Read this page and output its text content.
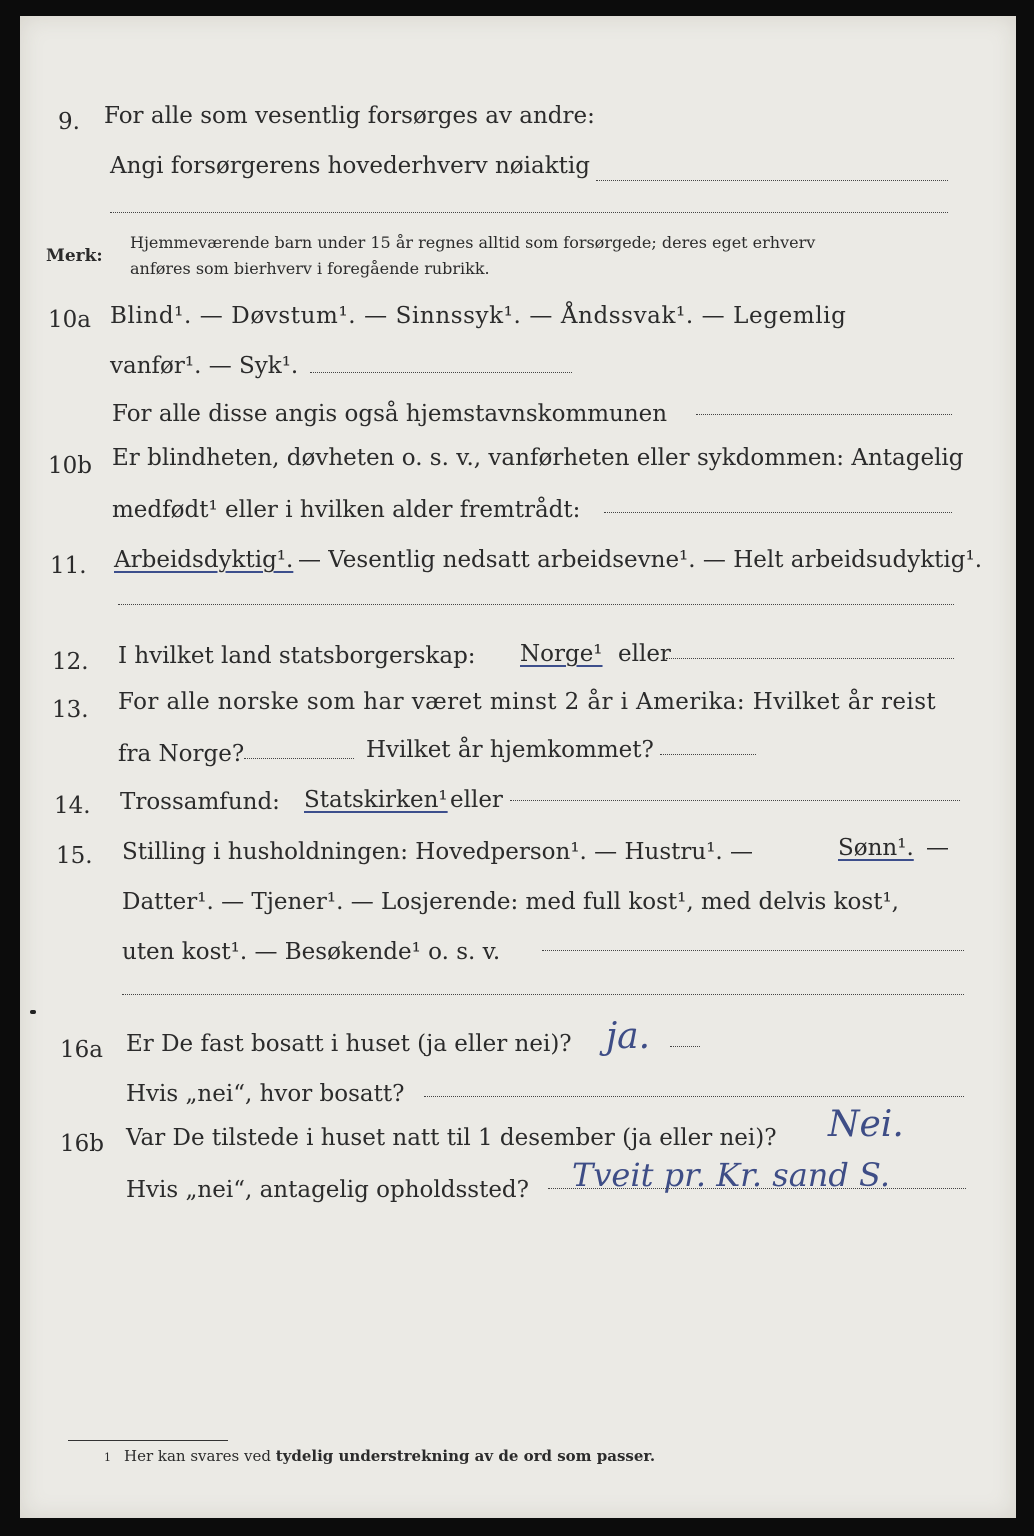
9. For alle som vesentlig forsørges av andre:
Angi forsørgerens hovederhverv nøiaktig
Merk:
Hjemmeværende barn under 15 år regnes alltid som forsørgede; deres eget erhverv
anføres som bierhverv i foregående rubrikk.
10a Blind¹. — Døvstum¹. — Sinnssyk¹. — Åndssvak¹. — Legemlig
vanfør¹. — Syk¹.
For alle disse angis også hjemstavnskommunen
10b Er blindheten, døvheten o. s. v., vanførheten eller sykdommen: Antagelig
medfødt¹ eller i hvilken alder fremtrådt:
11. Arbeidsdyktig¹. — Vesentlig nedsatt arbeidsevne¹. — Helt arbeidsudyktig¹.
12. I hvilket land statsborgerskap: Norge¹ eller
13. For alle norske som har været minst 2 år i Amerika: Hvilket år reist
fra Norge?	Hvilket år hjemkommet?
14. Trossamfund: Statskirken¹ eller
15. Stilling i husholdningen: Hovedperson¹. — Hustru¹. —	Sønn¹. —
Datter¹. — Tjener¹. — Losjerende: med full kost¹, med delvis kost¹,
uten kost¹. — Besøkende¹ o. s. v.
16a Er De fast bosatt i huset (ja eller nei)? ja.
Hvis „nei“, hvor bosatt?
16b Var De tilstede i huset natt til 1 desember (ja eller nei)? Nei.
Hvis „nei“, antagelig opholdssted? Tveit pr. Kr. sand S.
1 Her kan svares ved tydelig understrekning av de ord som passer.
